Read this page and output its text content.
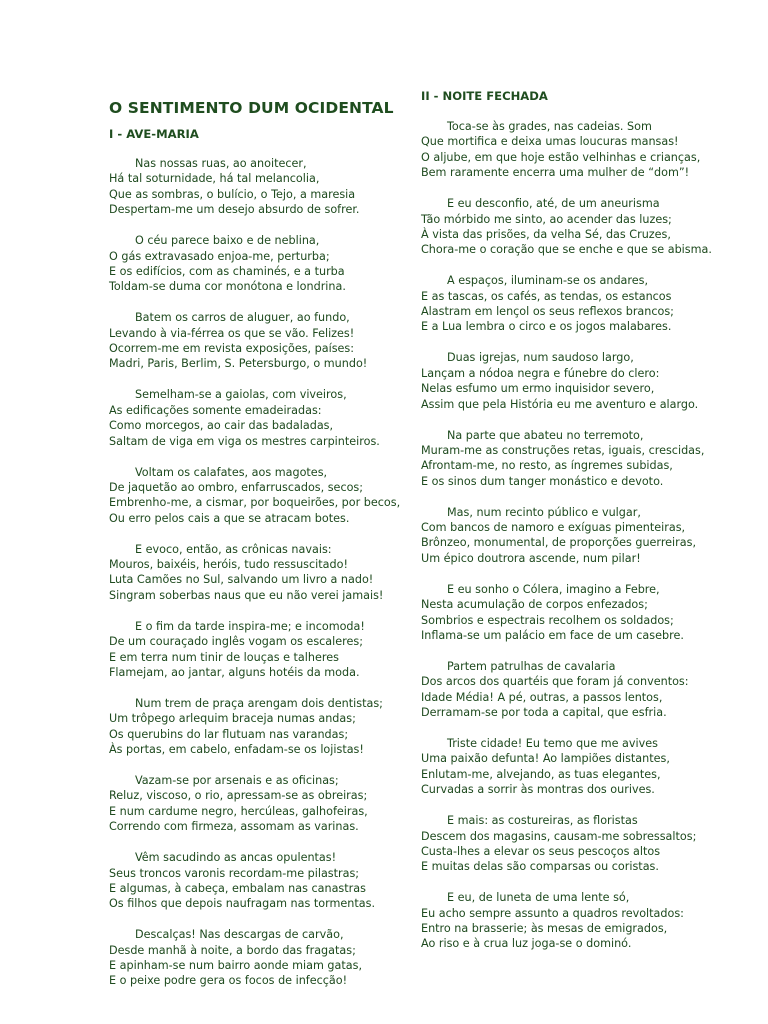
O SENTIMENTO DUM OCIDENTAL
I - AVE-MARIA
Nas nossas ruas, ao anoitecer,
Há tal soturnidade, há tal melancolia,
Que as sombras, o bulício, o Tejo, a maresia
Despertam-me um desejo absurdo de sofrer.
O céu parece baixo e de neblina,
O gás extravasado enjoa-me, perturba;
E os edifícios, com as chaminés, e a turba
Toldam-se duma cor monótona e londrina.
Batem os carros de aluguer, ao fundo,
Levando à via-férrea os que se vão. Felizes!
Ocorrem-me em revista exposições, países:
Madri, Paris, Berlim, S. Petersburgo, o mundo!
Semelham-se a gaiolas, com viveiros,
As edificações somente emadeiradas:
Como morcegos, ao cair das badaladas,
Saltam de viga em viga os mestres carpinteiros.
Voltam os calafates, aos magotes,
De jaquetão ao ombro, enfarruscados, secos;
Embrenho-me, a cismar, por boqueirões, por becos,
Ou erro pelos cais a que se atracam botes.
E evoco, então, as crônicas navais:
Mouros, baixéis, heróis, tudo ressuscitado!
Luta Camões no Sul, salvando um livro a nado!
Singram soberbas naus que eu não verei jamais!
E o fim da tarde inspira-me; e incomoda!
De um couraçado inglês vogam os escaleres;
E em terra num tinir de louças e talheres
Flamejam, ao jantar, alguns hotéis da moda.
Num trem de praça arengam dois dentistas;
Um trôpego arlequim braceja numas andas;
Os querubins do lar flutuam nas varandas;
Às portas, em cabelo, enfadam-se os lojistas!
Vazam-se por arsenais e as oficinas;
Reluz, viscoso, o rio, apressam-se as obreiras;
E num cardume negro, hercúleas, galhofeiras,
Correndo com firmeza, assomam as varinas.
Vêm sacudindo as ancas opulentas!
Seus troncos varonis recordam-me pilastras;
E algumas, à cabeça, embalam nas canastras
Os filhos que depois naufragam nas tormentas.
Descalças! Nas descargas de carvão,
Desde manhã à noite, a bordo das fragatas;
E apinham-se num bairro aonde miam gatas,
E o peixe podre gera os focos de infecção!
II - NOITE FECHADA
Toca-se às grades, nas cadeias. Som
Que mortifica e deixa umas loucuras mansas!
O aljube, em que hoje estão velhinhas e crianças,
Bem raramente encerra uma mulher de “dom”!
E eu desconfio, até, de um aneurisma
Tão mórbido me sinto, ao acender das luzes;
À vista das prisões, da velha Sé, das Cruzes,
Chora-me o coração que se enche e que se abisma.
A espaços, iluminam-se os andares,
E as tascas, os cafés, as tendas, os estancos
Alastram em lençol os seus reflexos brancos;
E a Lua lembra o circo e os jogos malabares.
Duas igrejas, num saudoso largo,
Lançam a nódoa negra e fúnebre do clero:
Nelas esfumo um ermo inquisidor severo,
Assim que pela História eu me aventuro e alargo.
Na parte que abateu no terremoto,
Muram-me as construções retas, iguais, crescidas,
Afrontam-me, no resto, as íngremes subidas,
E os sinos dum tanger monástico e devoto.
Mas, num recinto público e vulgar,
Com bancos de namoro e exíguas pimenteiras,
Brônzeo, monumental, de proporções guerreiras,
Um épico doutrora ascende, num pilar!
E eu sonho o Cólera, imagino a Febre,
Nesta acumulação de corpos enfezados;
Sombrios e espectrais recolhem os soldados;
Inflama-se um palácio em face de um casebre.
Partem patrulhas de cavalaria
Dos arcos dos quartéis que foram já conventos:
Idade Média! A pé, outras, a passos lentos,
Derramam-se por toda a capital, que esfria.
Triste cidade! Eu temo que me avives
Uma paixão defunta! Ao lampiões distantes,
Enlutam-me, alvejando, as tuas elegantes,
Curvadas a sorrir às montras dos ourives.
E mais: as costureiras, as floristas
Descem dos magasins, causam-me sobressaltos;
Custa-lhes a elevar os seus pescoços altos
E muitas delas são comparsas ou coristas.
E eu, de luneta de uma lente só,
Eu acho sempre assunto a quadros revoltados:
Entro na brasserie; às mesas de emigrados,
Ao riso e à crua luz joga-se o dominó.
